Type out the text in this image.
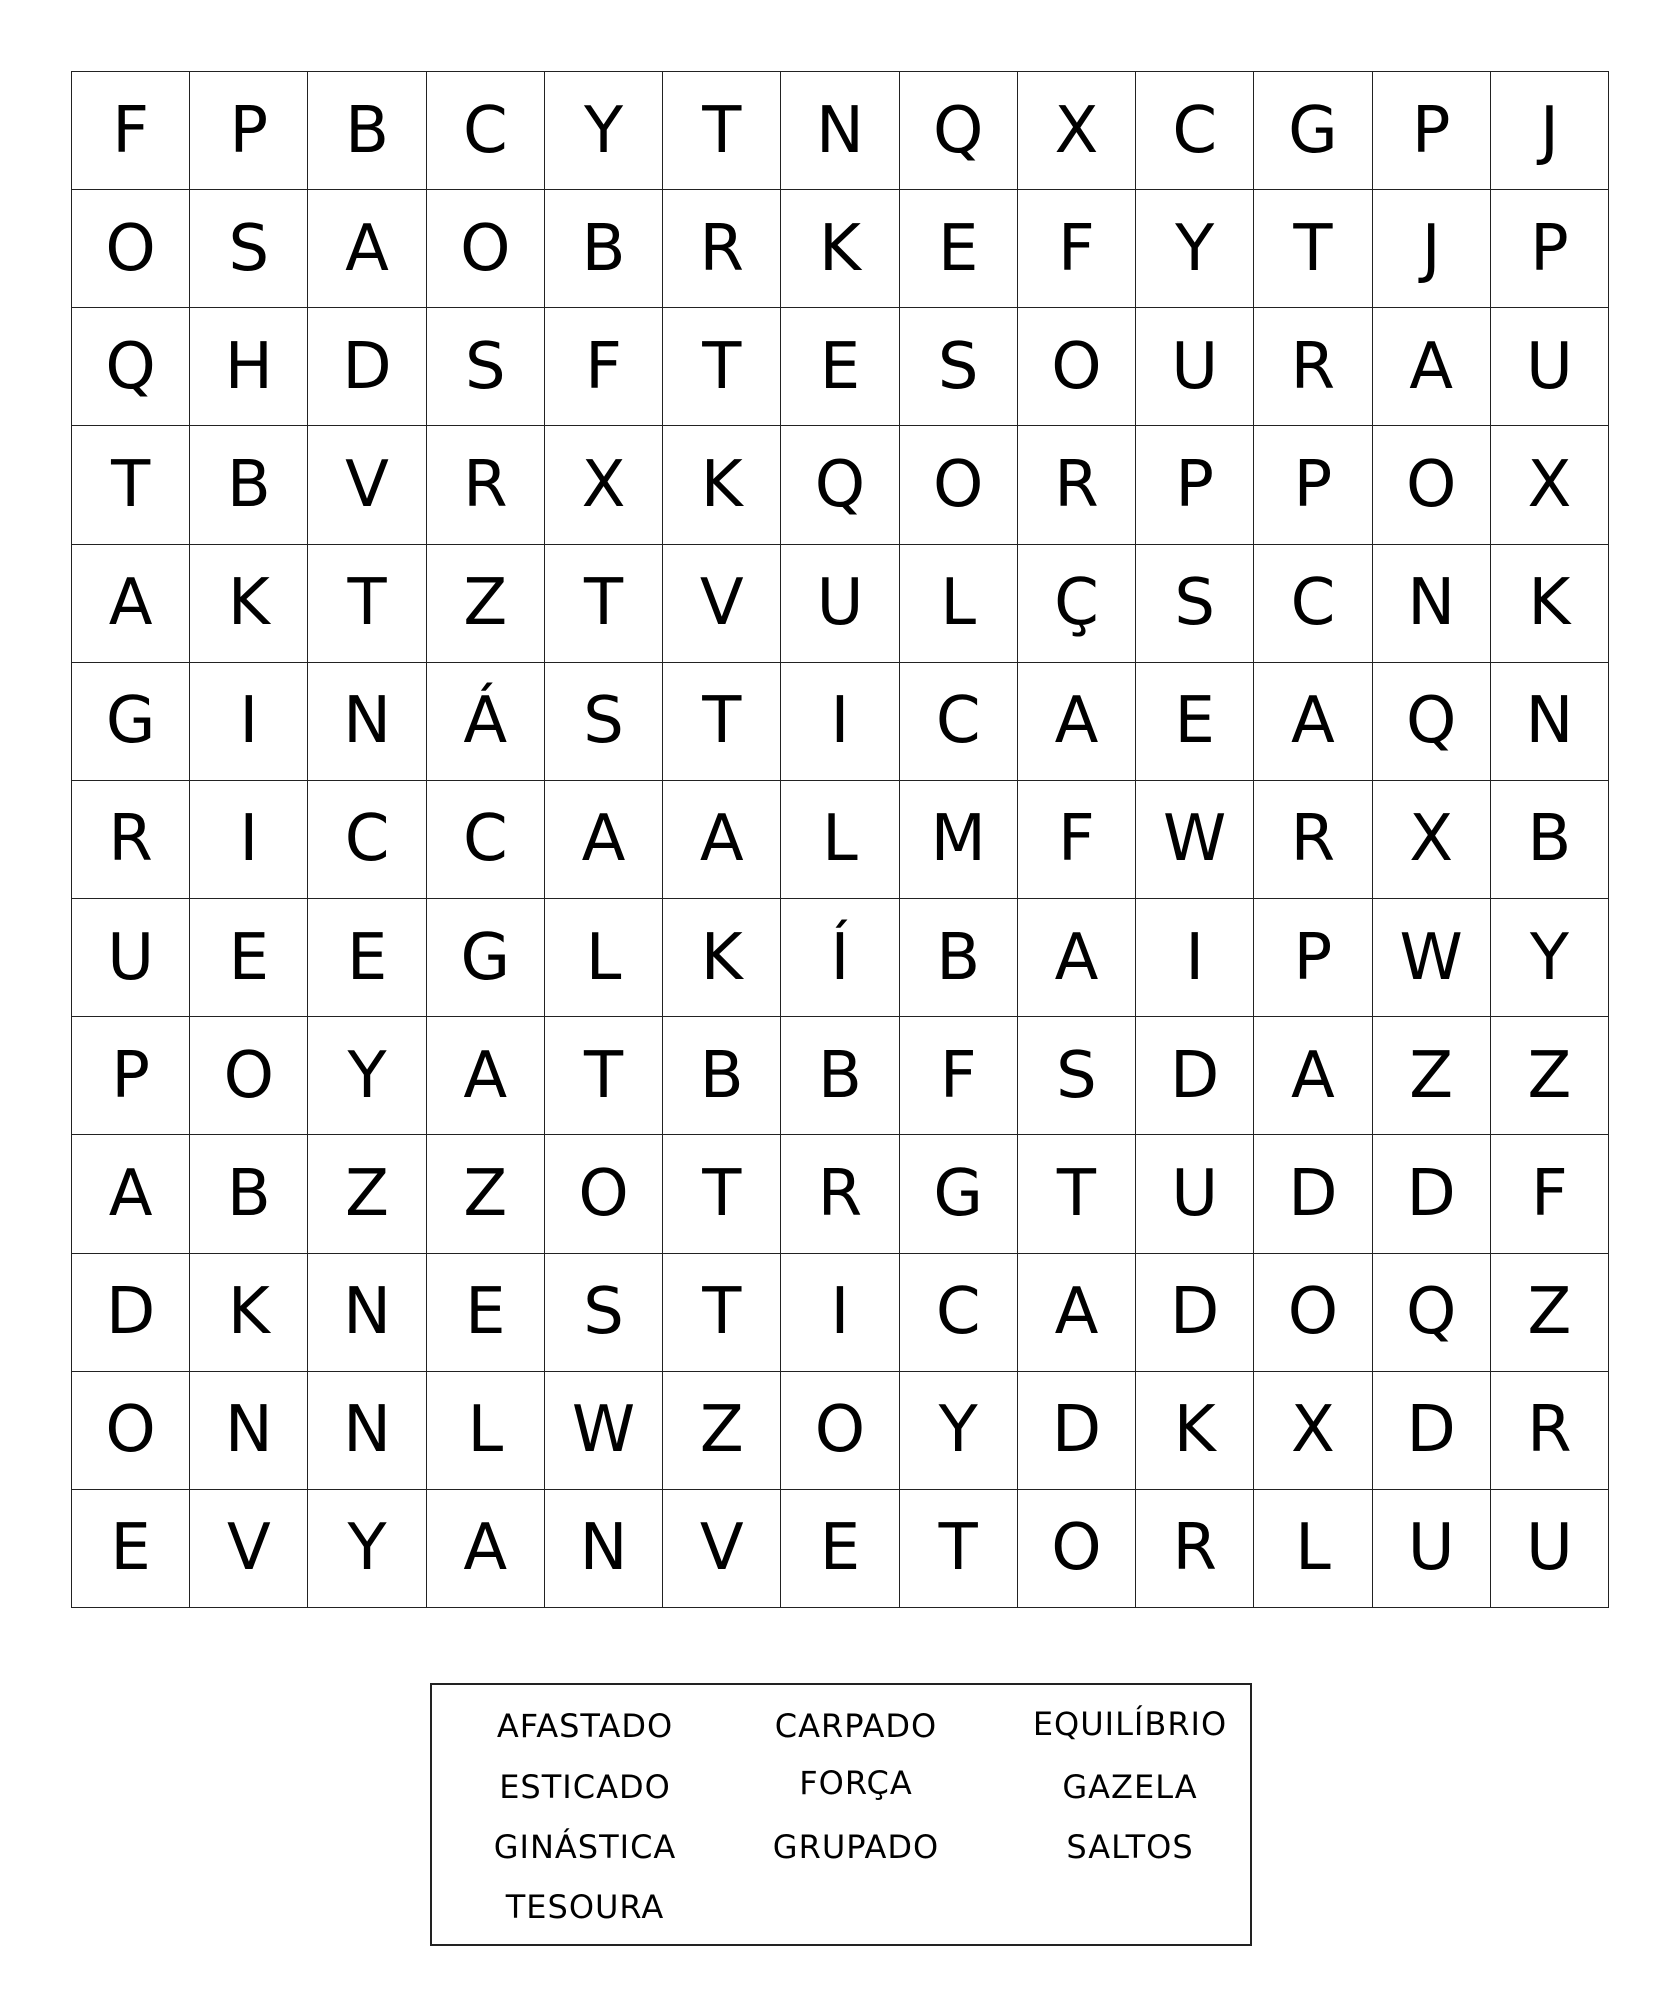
F	P	B	C	Y	T	N	Q	X	C	G	P	J
O	S	A	O	B	R	K	E	F	Y	T	J	P
Q	H	D	S	F	T	E	S	O	U	R	A	U
T	B	V	R	X	K	Q	O	R	P	P	O	X
A	K	T	Z	T	V	U	L	Ç	S	C	N	K
G	I	N	Á	S	T	I	C	A	E	A	Q	N
R	I	C	C	A	A	L	M	F	W	R	X	B
U	E	E	G	L	K	Í	B	A	I	P	W	Y
P	O	Y	A	T	B	B	F	S	D	A	Z	Z
A	B	Z	Z	O	T	R	G	T	U	D	D	F
D	K	N	E	S	T	I	C	A	D	O	Q	Z
O	N	N	L	W	Z	O	Y	D	K	X	D	R
E	V	Y	A	N	V	E	T	O	R	L	U	U
AFASTADO	CARPADO	EQUILÍBRIO
ESTICADO	FORÇA	GAZELA
GINÁSTICA	GRUPADO	SALTOS
TESOURA
